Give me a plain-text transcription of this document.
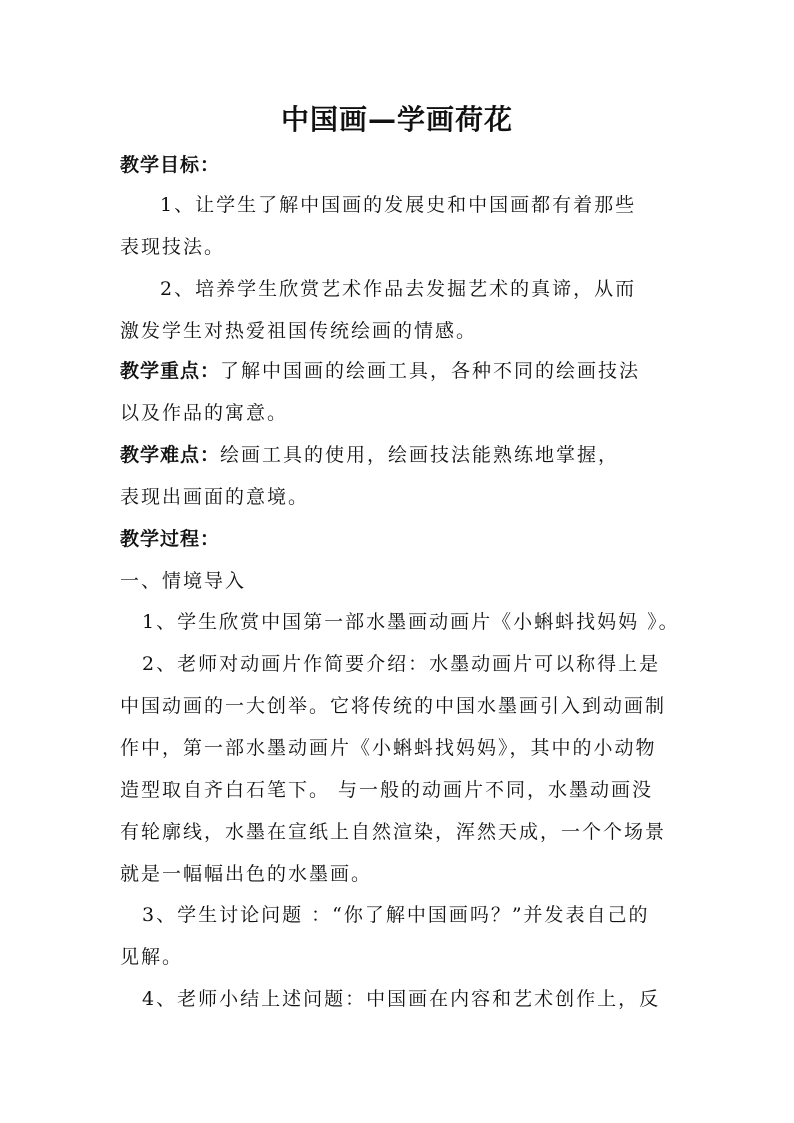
中国画—学画荷花
教学目标：
1、让学生了解中国画的发展史和中国画都有着那些
表现技法。
2、培养学生欣赏艺术作品去发掘艺术的真谛，从而
激发学生对热爱祖国传统绘画的情感。
教学重点：了解中国画的绘画工具，各种不同的绘画技法
以及作品的寓意。
教学难点：绘画工具的使用，绘画技法能熟练地掌握，
表现出画面的意境。
教学过程：
一、情境导入
1、学生欣赏中国第一部水墨画动画片《小蝌蚪找妈妈 》。
2、老师对动画片作简要介绍：水墨动画片可以称得上是
中国动画的一大创举。它将传统的中国水墨画引入到动画制
作中，第一部水墨动画片《小蝌蚪找妈妈》，其中的小动物
造型取自齐白石笔下。 与一般的动画片不同，水墨动画没
有轮廓线，水墨在宣纸上自然渲染，浑然天成，一个个场景
就是一幅幅出色的水墨画。
3、学生讨论问题 ：“你了解中国画吗？”并发表自己的
见解。
4、老师小结上述问题：中国画在内容和艺术创作上，反
